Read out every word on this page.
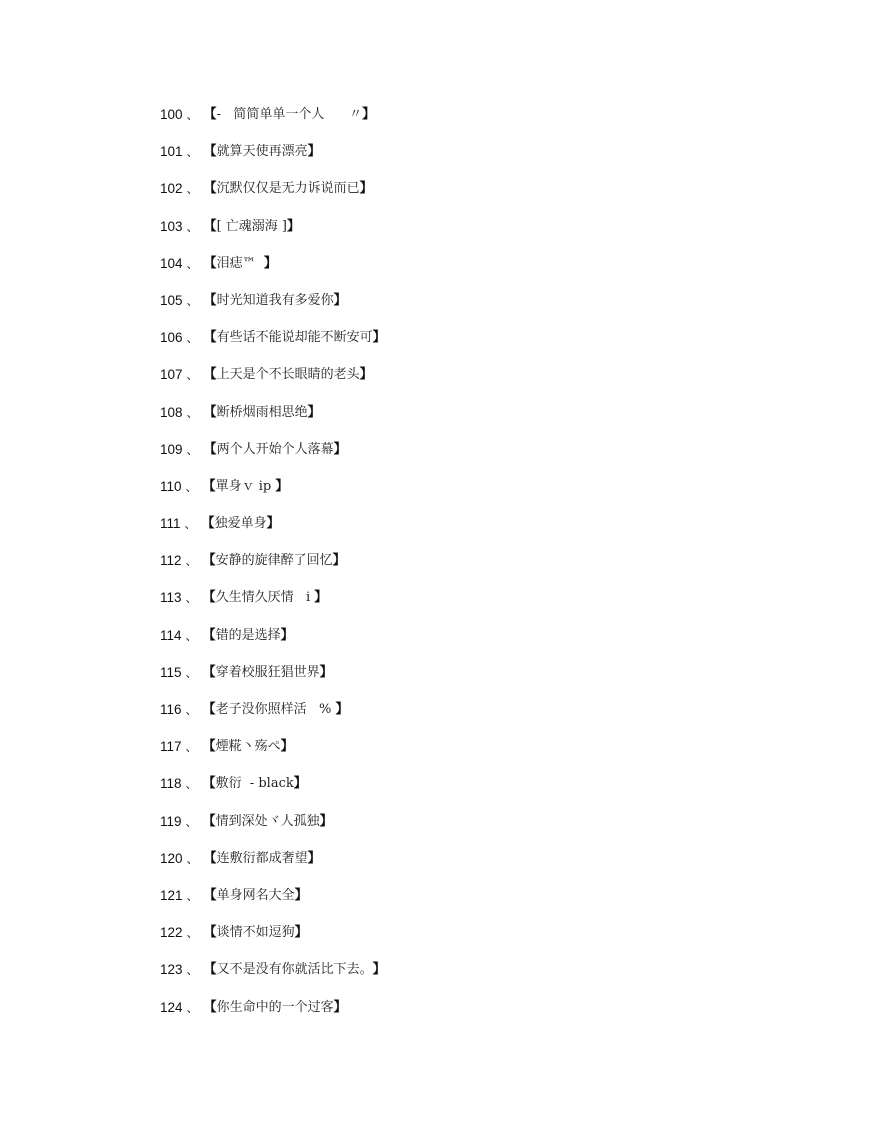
100 、 【 -   简简单单一个人      〃 】
101 、 【 就算天使再漂亮 】
102 、 【 沉默仅仅是无力诉说而已 】
103 、 【 [ 亡魂溺海 ] 】
104 、 【 泪痣™ 】
105 、 【 时光知道我有多爱你 】
106 、 【 有些话不能说却能不断安可 】
107 、 【 上天是个不长眼睛的老头 】
108 、 【 断桥烟雨相思绝 】
109 、 【 两个人开始个人落幕 】
110 、 【 單身ｖ ip 】
111 、 【 独爱单身 】
112 、 【 安静的旋律醉了回忆 】
113 、 【 久生情久厌情   i 】
114 、 【 错的是选择 】
115 、 【 穿着校服狂猖世界 】
116 、 【 老子没你照样活   % 】
117 、 【 煙糀丶殇ぺ 】
118 、 【 敷衍  - black 】
119 、 【 情到深处ヾ人孤独 】
120 、 【 连敷衍都成奢望 】
121 、 【 单身网名大全 】
122 、 【 谈情不如逗狗 】
123 、 【 又不是没有你就活比下去。 】
124 、 【 你生命中的一个过客 】
